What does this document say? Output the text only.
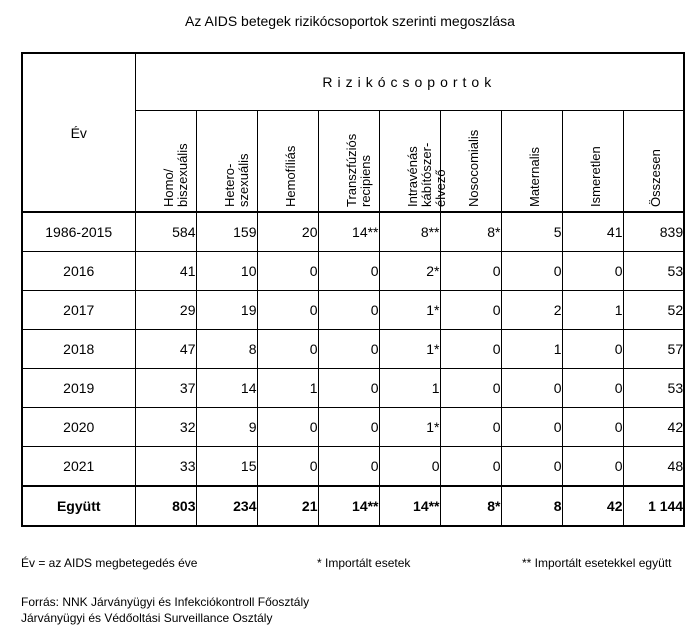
Az AIDS betegek rizikócsoportok szerinti megoszlása
Év	Rizikócsoportok								

	Homo/ biszexuális	Hetero- szexuális	Hemofíliás	Transzfúziós recipiens	Intravénás kábítószer- élvező	Nosocomialis	Maternalis	Ismeretlen	Összesen

1986-2015	584	159	20	14**	8**	8*	5	41	839
2016	41	10	0	0	2*	0	0	0	53
2017	29	19	0	0	1*	0	2	1	52
2018	47	8	0	0	1*	0	1	0	57
2019	37	14	1	0	1	0	0	0	53
2020	32	9	0	0	1*	0	0	0	42
2021	33	15	0	0	0	0	0	0	48
Együtt	803	234	21	14**	14**	8*	8	42	1 144
Év = az AIDS megbetegedés éve	* Importált esetek	** Importált esetekkel együtt
Forrás: NNK Járványügyi és Infekciókontroll Főosztály
Járványügyi és Védőoltási Surveillance Osztály
